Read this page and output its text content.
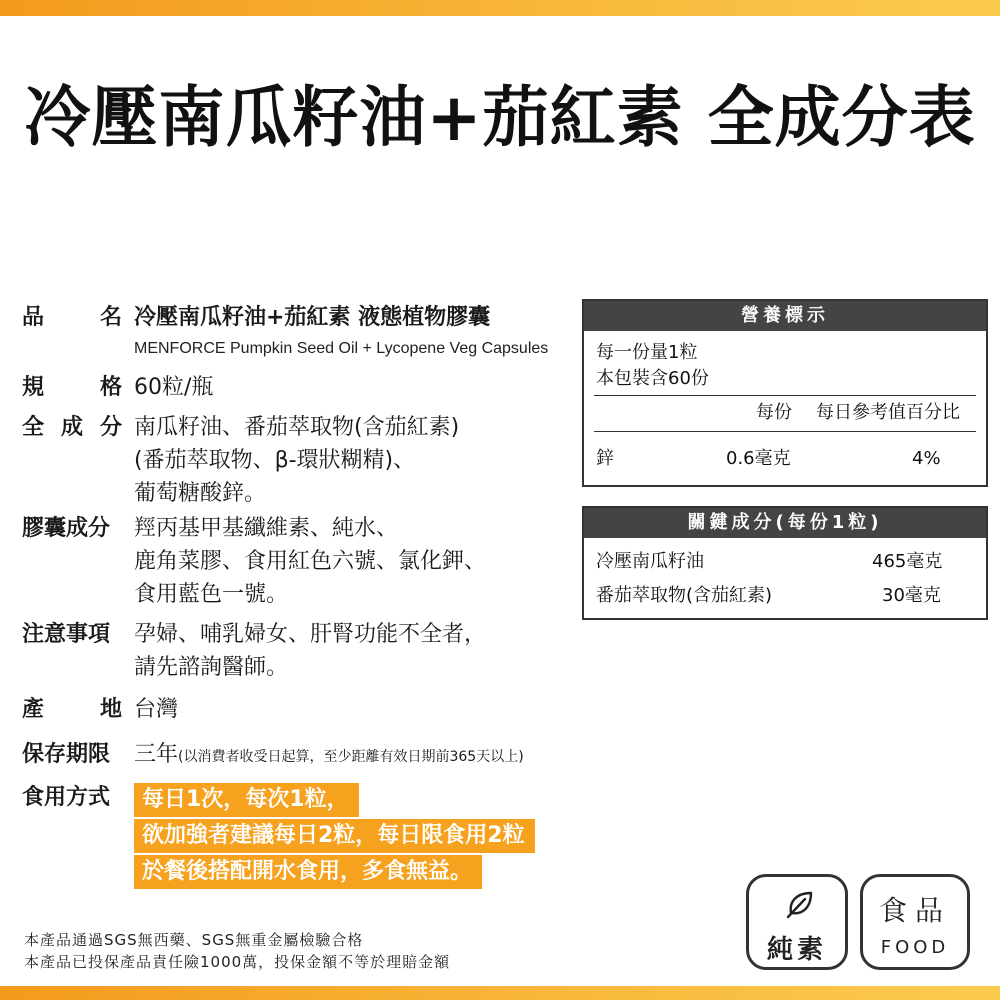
冷壓南瓜籽油+茄紅素 全成分表
品	名 冷壓南瓜籽油+茄紅素 液態植物膠囊
MENFORCE Pumpkin Seed Oil + Lycopene Veg Capsules
規	格 60粒/瓶
全 成 分 南瓜籽油、番茄萃取物(含茄紅素)
(番茄萃取物、β-環狀糊精)、
葡萄糖酸鋅。
膠囊成分	羥丙基甲基纖維素、純水、
鹿角菜膠、食用紅色六號、氯化鉀、
食用藍色一號。
注意事項	孕婦、哺乳婦女、肝腎功能不全者，
請先諮詢醫師。
產	地 台灣
保存期限	三年(以消費者收受日起算，至少距離有效日期前365天以上)
食用方式	每日1次，每次1粒，
欲加強者建議每日2粒，每日限食用2粒
於餐後搭配開水食用，多食無益。
營養標示
每一份量1粒
本包裝含60份
每份 每日參考值百分比
鋅	0.6毫克	4%
關鍵成分(每份1粒)
冷壓南瓜籽油	465毫克
番茄萃取物(含茄紅素)	30毫克
本產品通過SGS無西藥、SGS無重金屬檢驗合格
本產品已投保產品責任險1000萬，投保金額不等於理賠金額	純素
食品
FOOD
